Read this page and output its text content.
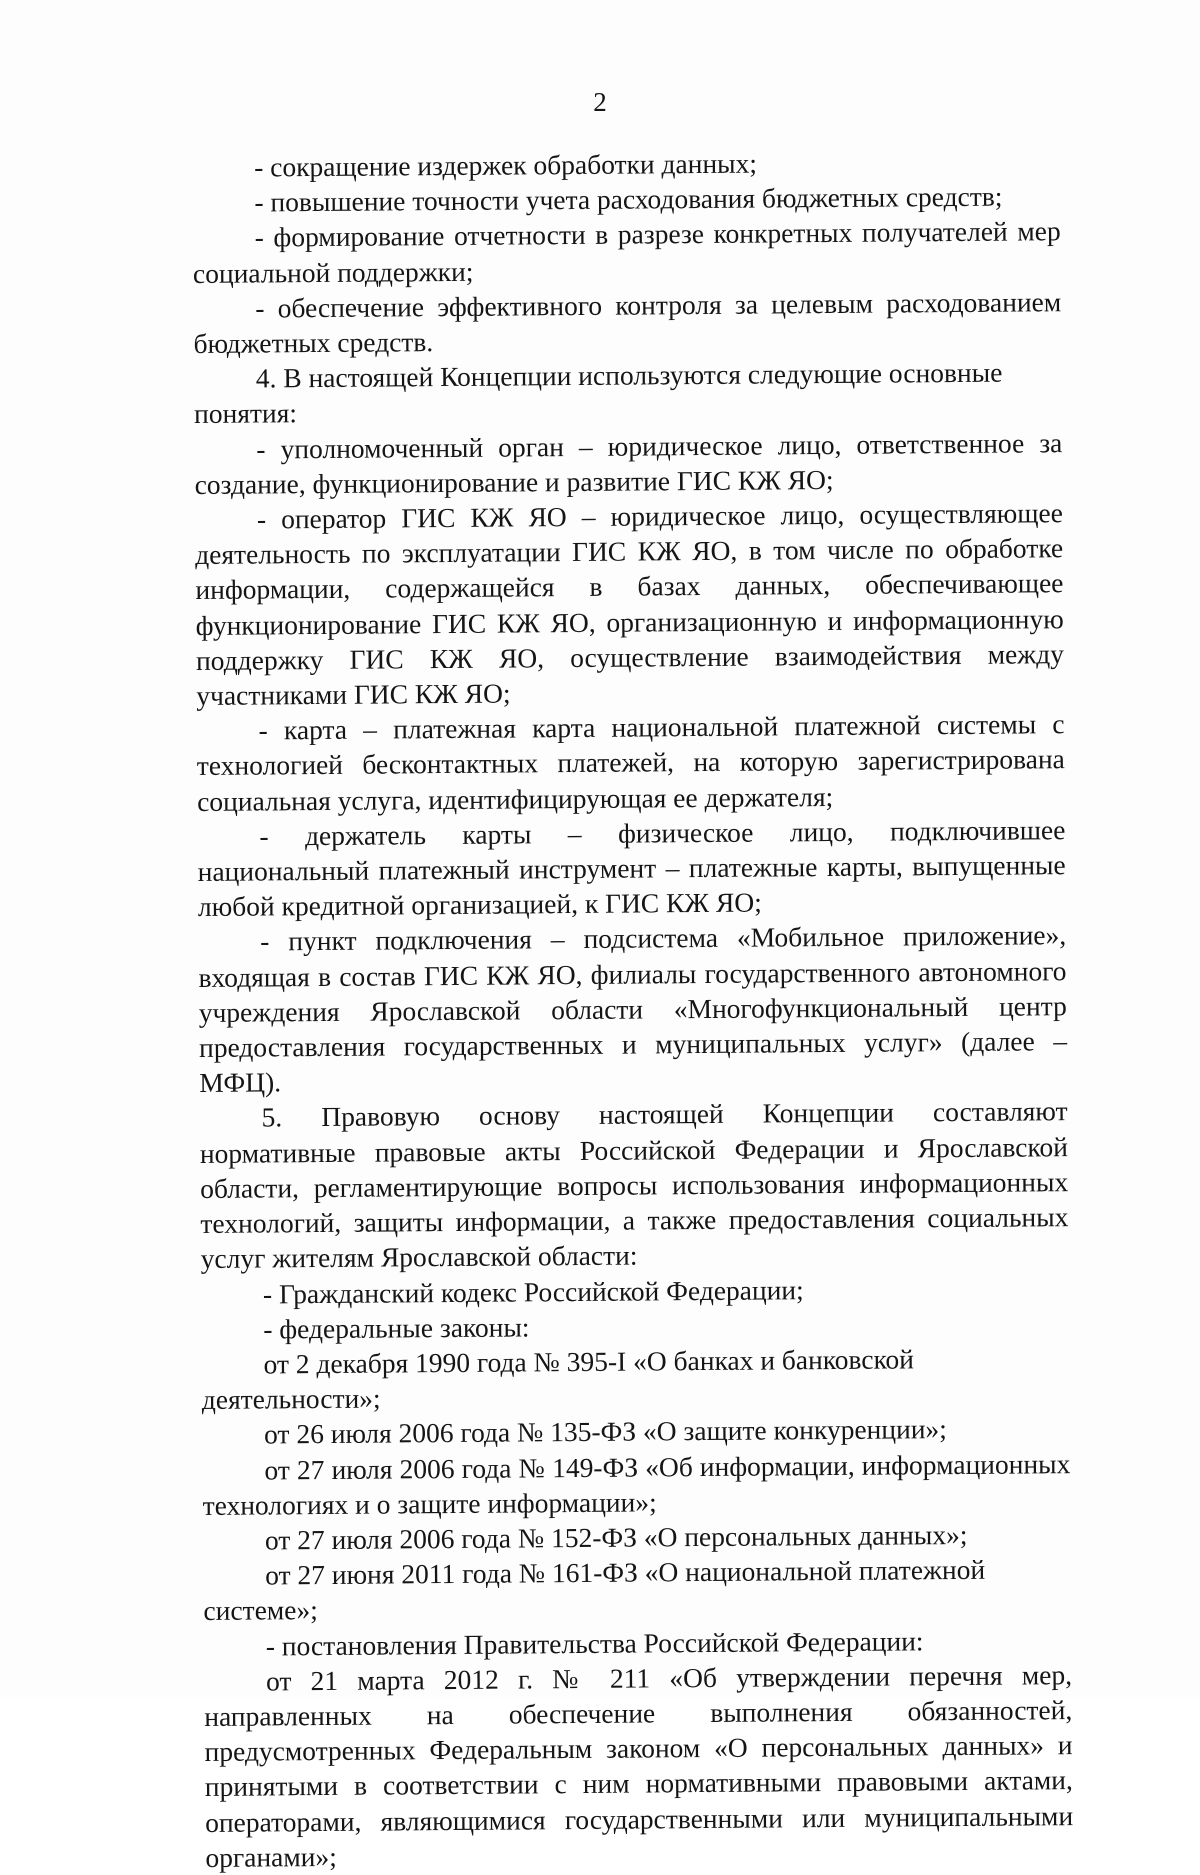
2

- сокращение издержек обработки данных;

- повышение точности учета расходования бюджетных средств;

- формирование отчетности в разрезе конкретных получателей мер социальной поддержки;

- обеспечение эффективного контроля за целевым расходованием бюджетных средств.

4. В настоящей Концепции используются следующие основные понятия:

- уполномоченный орган – юридическое лицо, ответственное за создание, функционирование и развитие ГИС КЖ ЯО;

- оператор ГИС КЖ ЯО – юридическое лицо, осуществляющее деятельность по эксплуатации ГИС КЖ ЯО, в том числе по обработке информации, содержащейся в базах данных, обеспечивающее функционирование ГИС КЖ ЯО, организационную и информационную поддержку ГИС КЖ ЯО, осуществление взаимодействия между участниками ГИС КЖ ЯО;

- карта – платежная карта национальной платежной системы с технологией бесконтактных платежей, на которую зарегистрирована социальная услуга, идентифицирующая ее держателя;

- держатель карты – физическое лицо, подключившее национальный платежный инструмент – платежные карты, выпущенные любой кредитной организацией, к ГИС КЖ ЯО;

- пункт подключения – подсистема «Мобильное приложение», входящая в состав ГИС КЖ ЯО, филиалы государственного автономного учреждения Ярославской области «Многофункциональный центр предоставления государственных и муниципальных услуг» (далее – МФЦ).

5. Правовую основу настоящей Концепции составляют нормативные правовые акты Российской Федерации и Ярославской области, регламентирующие вопросы использования информационных технологий, защиты информации, а также предоставления социальных услуг жителям Ярославской области:

- Гражданский кодекс Российской Федерации;

- федеральные законы:

от 2 декабря 1990 года № 395-I «О банках и банковской деятельности»;

от 26 июля 2006 года № 135-ФЗ «О защите конкуренции»;

от 27 июля 2006 года № 149-ФЗ «Об информации, информационных технологиях и о защите информации»;

от 27 июля 2006 года № 152-ФЗ «О персональных данных»;

от 27 июня 2011 года № 161-ФЗ «О национальной платежной системе»;

- постановления Правительства Российской Федерации:

от 21 марта 2012 г. № 211 «Об утверждении перечня мер, направленных на обеспечение выполнения обязанностей, предусмотренных Федеральным законом «О персональных данных» и принятыми в соответствии с ним нормативными правовыми актами, операторами, являющимися государственными или муниципальными органами»;
